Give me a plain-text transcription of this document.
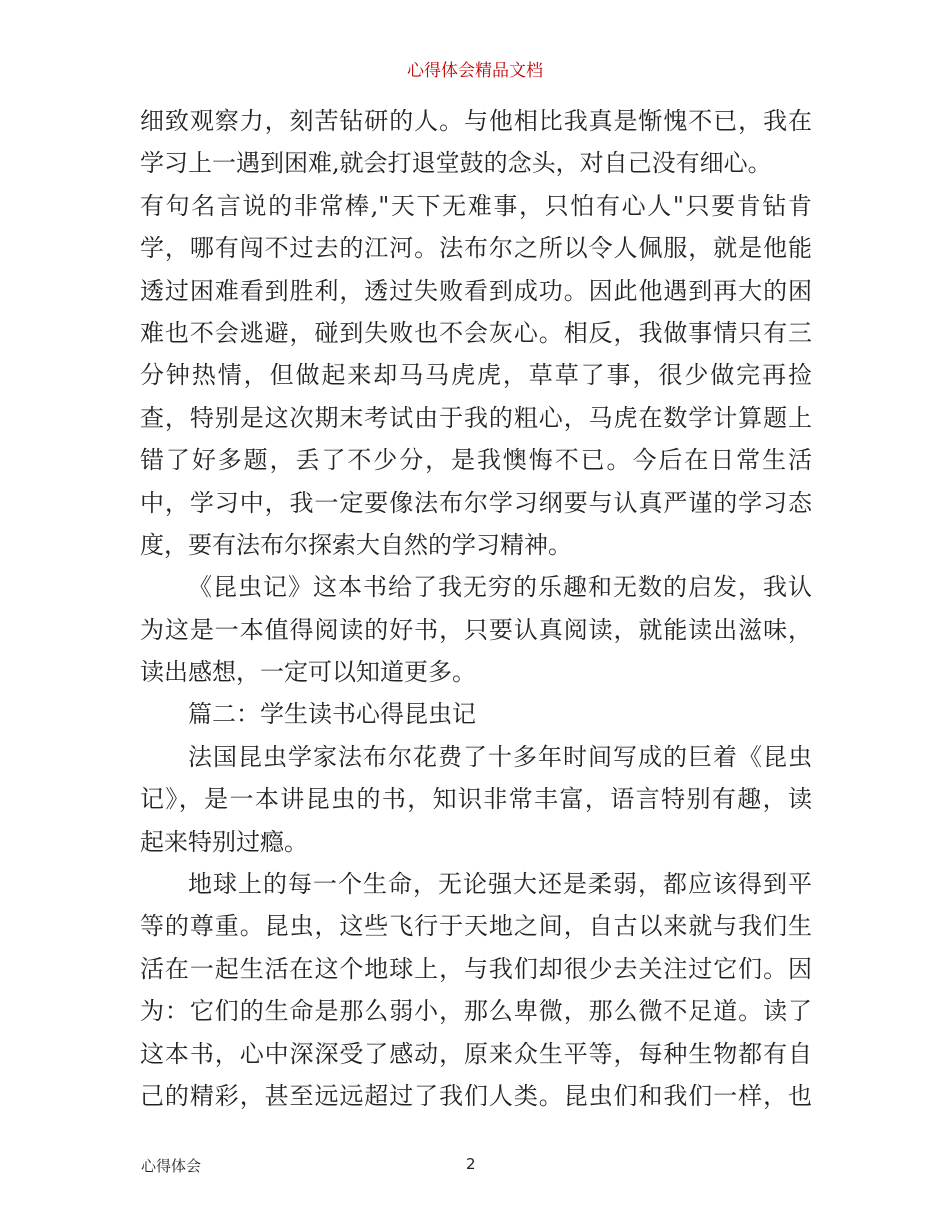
心得体会精品文档
细致观察力，刻苦钻研的人。与他相比我真是惭愧不已，我在
学习上一遇到困难,就会打退堂鼓的念头，对自己没有细心。
有句名言说的非常棒,"天下无难事，只怕有心人"只要肯钻肯
学，哪有闯不过去的江河。法布尔之所以令人佩服，就是他能
透过困难看到胜利，透过失败看到成功。因此他遇到再大的困
难也不会逃避，碰到失败也不会灰心。相反，我做事情只有三
分钟热情，但做起来却马马虎虎，草草了事，很少做完再捡
查，特别是这次期末考试由于我的粗心，马虎在数学计算题上
错了好多题，丢了不少分，是我懊悔不已。今后在日常生活
中，学习中，我一定要像法布尔学习纲要与认真严谨的学习态
度，要有法布尔探索大自然的学习精神。
《昆虫记》这本书给了我无穷的乐趣和无数的启发，我认
为这是一本值得阅读的好书，只要认真阅读，就能读出滋味，
读出感想，一定可以知道更多。
篇二：学生读书心得昆虫记
法国昆虫学家法布尔花费了十多年时间写成的巨着《昆虫
记》，是一本讲昆虫的书，知识非常丰富，语言特别有趣，读
起来特别过瘾。
地球上的每一个生命，无论强大还是柔弱，都应该得到平
等的尊重。昆虫，这些飞行于天地之间，自古以来就与我们生
活在一起生活在这个地球上，与我们却很少去关注过它们。因
为：它们的生命是那么弱小，那么卑微，那么微不足道。读了
这本书，心中深深受了感动，原来众生平等，每种生物都有自
己的精彩，甚至远远超过了我们人类。昆虫们和我们一样，也
心得体会	2
